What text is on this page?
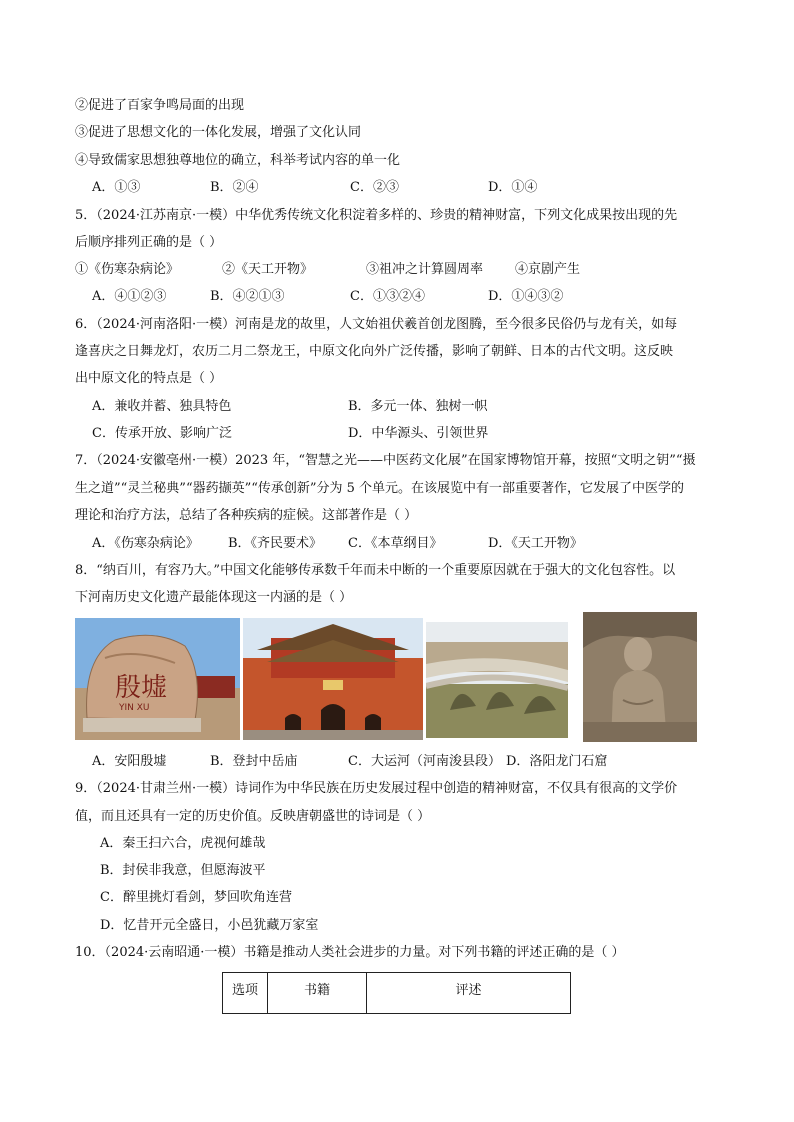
②促进了百家争鸣局面的出现
③促进了思想文化的一体化发展，增强了文化认同
④导致儒家思想独尊地位的确立，科举考试内容的单一化
A．①③	B．②④	C．②③	D．①④
5．（2024·江苏南京·一模）中华优秀传统文化积淀着多样的、珍贵的精神财富，下列文化成果按出现的先
后顺序排列正确的是（ ）
①《伤寒杂病论》	②《天工开物》	③祖冲之计算圆周率 ④京剧产生
A．④①②③	B．④②①③	C．①③②④	D．①④③②
6．（2024·河南洛阳·一模）河南是龙的故里，人文始祖伏羲首创龙图腾，至今很多民俗仍与龙有关，如每
逢喜庆之日舞龙灯，农历二月二祭龙王，中原文化向外广泛传播，影响了朝鲜、日本的古代文明。这反映
出中原文化的特点是（ ）
A．兼收并蓄、独具特色	B．多元一体、独树一帜
C．传承开放、影响广泛	D．中华源头、引领世界
7．（2024·安徽亳州·一模）2023 年，“智慧之光——中医药文化展”在国家博物馆开幕，按照“文明之钥”“摄
生之道”“灵兰秘典”“器药撷英”“传承创新”分为 5 个单元。在该展览中有一部重要著作，它发展了中医学的
理论和治疗方法，总结了各种疾病的症候。这部著作是（ ）
A．《伤寒杂病论》 B．《齐民要术》 C．《本草纲目》	D．《天工开物》
8．“纳百川，有容乃大。”中国文化能够传承数千年而未中断的一个重要原因就在于强大的文化包容性。以
下河南历史文化遗产最能体现这一内涵的是（ ）
殷墟
YIN XU
A．安阳殷墟	B．登封中岳庙	C．大运河（河南浚县段） D．洛阳龙门石窟
9．（2024·甘肃兰州·一模）诗词作为中华民族在历史发展过程中创造的精神财富，不仅具有很高的文学价
值，而且还具有一定的历史价值。反映唐朝盛世的诗词是（ ）
A．秦王扫六合，虎视何雄哉
B．封侯非我意，但愿海波平
C．醉里挑灯看剑，梦回吹角连营
D．忆昔开元全盛日，小邑犹藏万家室
10．（2024·云南昭通·一模）书籍是推动人类社会进步的力量。对下列书籍的评述正确的是（ ）
选项	书籍	评述
